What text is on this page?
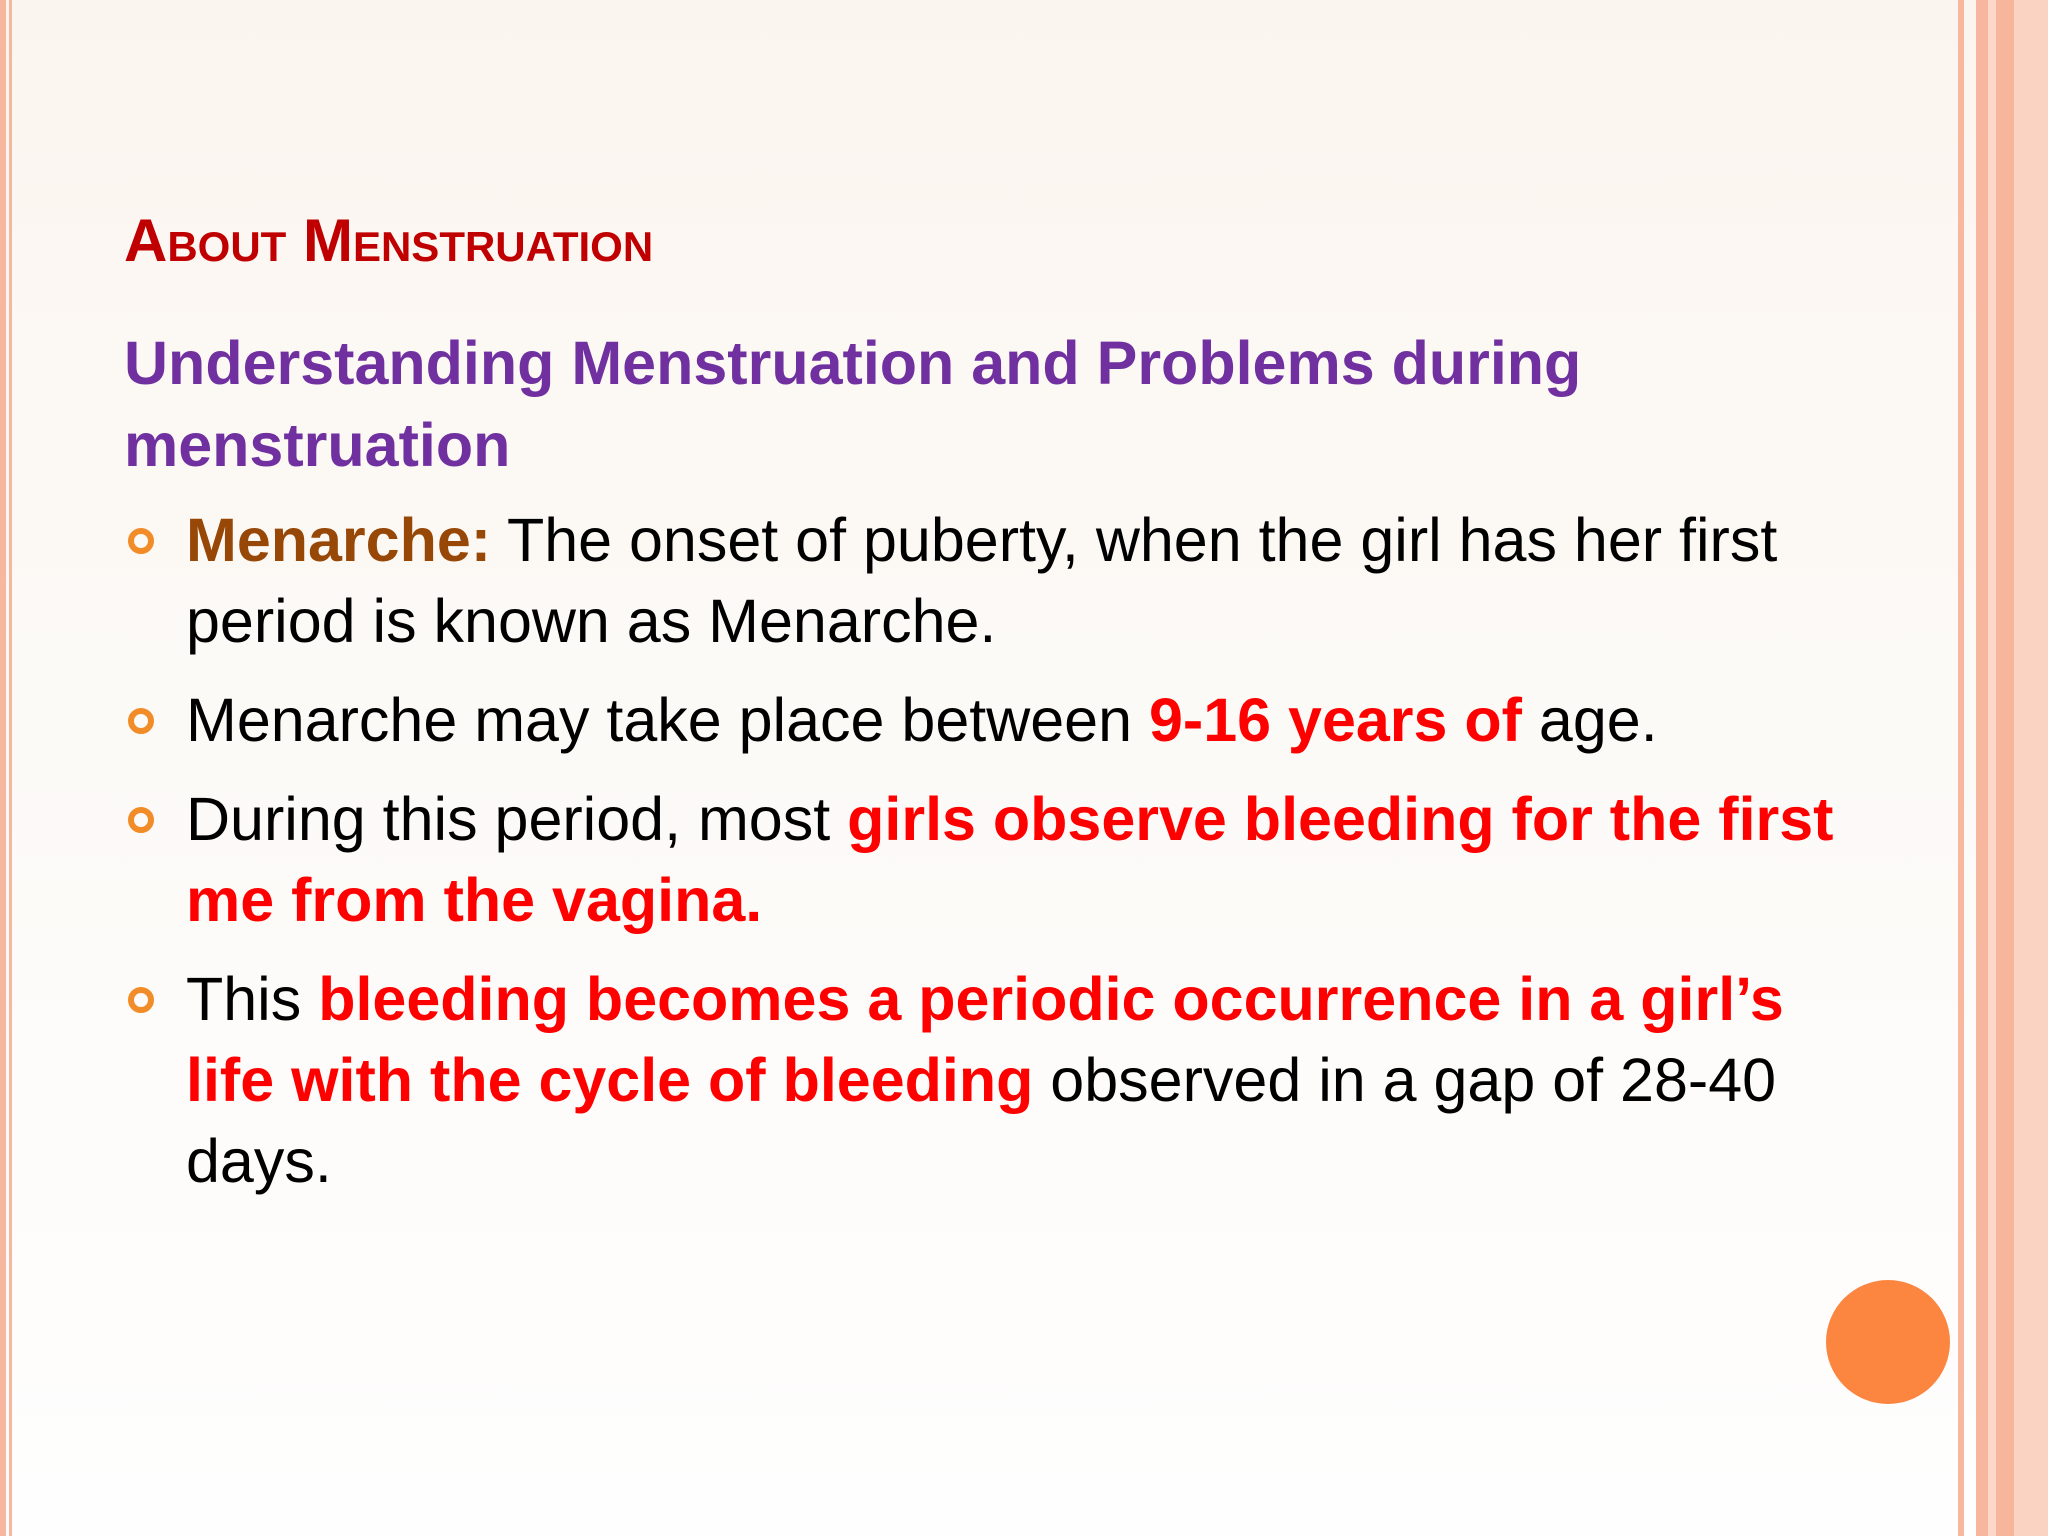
About Menstruation

Understanding Menstruation and Problems during menstruation

Menarche: The onset of puberty, when the girl has her first period is known as Menarche.
Menarche may take place between 9-16 years of age.
During this period, most girls observe bleeding for the first me from the vagina.
This bleeding becomes a periodic occurrence in a girl’s life with the cycle of bleeding observed in a gap of 28-40 days.
